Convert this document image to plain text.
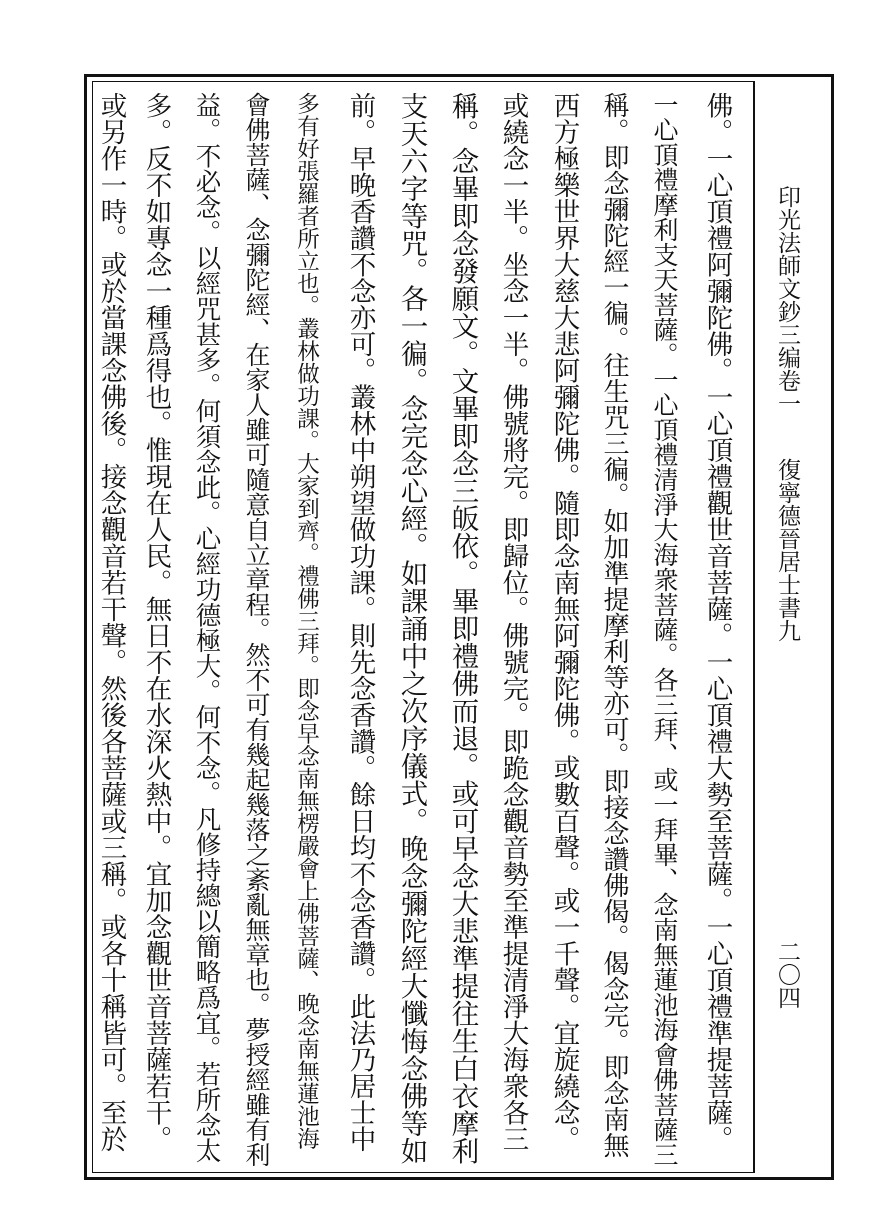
印光法師文鈔三编卷一
復寧德晉居士書九
二〇四
佛。一心頂禮阿彌陀佛。一心頂禮觀世音菩薩。一心頂禮大勢至菩薩。一心頂禮準提菩薩。
一心頂禮摩利支天菩薩。一心頂禮清淨大海衆菩薩。各三拜、或一拜畢、念南無蓮池海會佛菩薩三
稱。即念彌陀經一徧。往生咒三徧。如加準提摩利等亦可。即接念讚佛偈。偈念完。即念南無
西方極樂世界大慈大悲阿彌陀佛。隨即念南無阿彌陀佛。或數百聲。或一千聲。宜旋繞念。
或繞念一半。坐念一半。佛號將完。即歸位。佛號完。即跪念觀音勢至準提清淨大海衆各三
稱。念畢即念發願文。文畢即念三皈依。畢即禮佛而退。或可早念大悲準提往生白衣摩利
支天六字等咒。各一徧。念完念心經。如課誦中之次序儀式。晚念彌陀經大懺悔念佛等如
前。早晚香讚不念亦可。叢林中朔望做功課。則先念香讚。餘日均不念香讚。此法乃居士中
多有好張羅者所立也。叢林做功課。大家到齊。禮佛三拜。即念早念南無楞嚴會上佛菩薩、晚念南無蓮池海
會佛菩薩、念彌陀經、在家人雖可隨意自立章程。然不可有幾起幾落之紊亂無章也。夢授經雖有利
益。不必念。以經咒甚多。何須念此。心經功德極大。何不念。凡修持總以簡略爲宜。若所念太
多。反不如專念一種爲得也。惟現在人民。無日不在水深火熱中。宜加念觀世音菩薩若干。
或另作一時。或於當課念佛後。接念觀音若干聲。然後各菩薩或三稱。或各十稱皆可。至於
